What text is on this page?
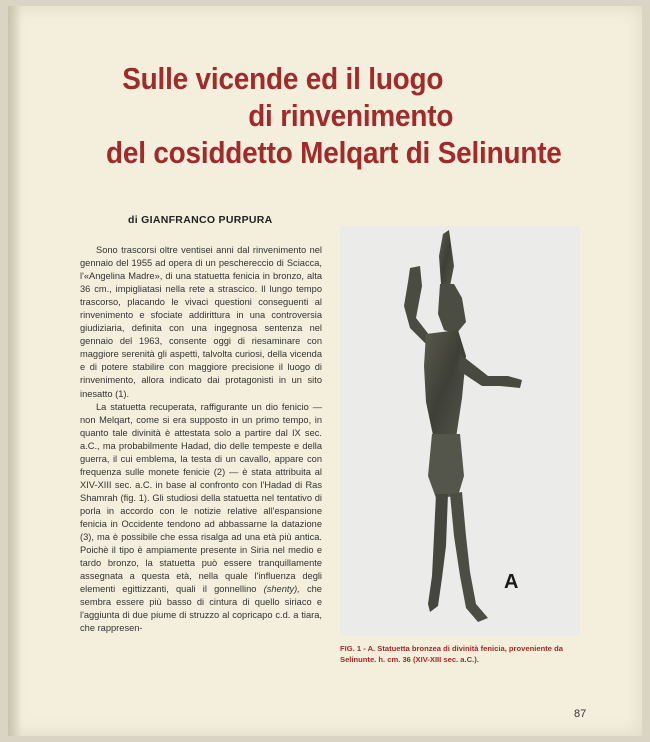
Sulle vicende ed il luogo
di rinvenimento
del cosiddetto Melqart di Selinunte
di GIANFRANCO PURPURA

Sono trascorsi oltre ventisei anni dal rinvenimento nel gennaio del 1955 ad opera di un peschereccio di Sciacca, l'«Angelina Madre», di una statuetta fenicia in bronzo, alta 36 cm., impigliatasi nella rete a strascico. Il lungo tempo trascorso, placando le vivaci questioni conseguenti al rinvenimento e sfociate addirittura in una controversia giudiziaria, definita con una ingegnosa sentenza nel gennaio del 1963, consente oggi di riesaminare con maggiore serenità gli aspetti, talvolta curiosi, della vicenda e di potere stabilire con maggiore precisione il luogo di rinvenimento, allora indicato dai protagonisti in un sito inesatto (1).

La statuetta recuperata, raffigurante un dio fenicio — non Melqart, come si era supposto in un primo tempo, in quanto tale divinità è attestata solo a partire dal IX sec. a.C., ma probabilmente Hadad, dio delle tempeste e della guerra, il cui emblema, la testa di un cavallo, appare con frequenza sulle monete fenicie (2) — è stata attribuita al XIV-XIII sec. a.C. in base al confronto con l'Hadad di Ras Shamrah (fig. 1). Gli studiosi della statuetta nel tentativo di porla in accordo con le notizie relative all'espansione fenicia in Occidente tendono ad abbassarne la datazione (3), ma è possibile che essa risalga ad una età più antica. Poichè il tipo è ampiamente presente in Siria nel medio e tardo bronzo, la statuetta può essere tranquillamente assegnata a questa età, nella quale l'influenza degli elementi egittizzanti, quali il gonnellino (shenty), che sembra essere più basso di cintura di quello siriaco e l'aggiunta di due piume di struzzo al copricapo c.d. a tiara, che rappresen-

A
FIG. 1 - A. Statuetta bronzea di divinità fenicia, proveniente da Selinunte. h. cm. 36 (XIV-XIII sec. a.C.).
87
